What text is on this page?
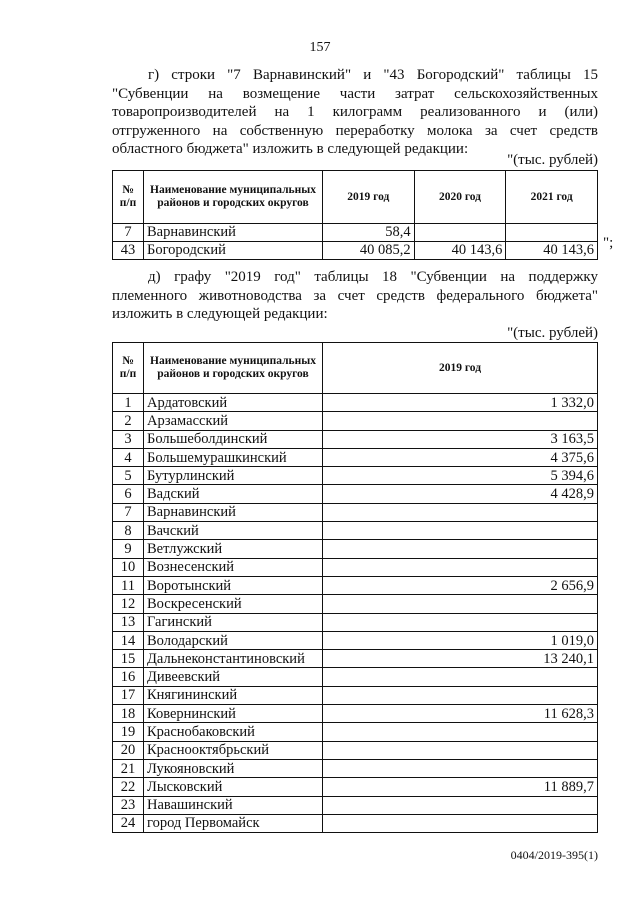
157
г) строки "7 Варнавинский" и "43 Богородский" таблицы 15 "Субвенции на возмещение части затрат сельскохозяйственных товаропроизводителей на 1 килограмм реализованного и (или) отгруженного на собственную переработку молока за счет средств областного бюджета" изложить в следующей редакции:
"(тыс. рублей)
№ п/п	Наименование муниципальных районов и городских округов	2019 год	2020 год	2021 год
7	Варнавинский	58,4		
43	Богородский	40 085,2	40 143,6	40 143,6 ";
д) графу "2019 год" таблицы 18 "Субвенции на поддержку племенного животноводства за счет средств федерального бюджета" изложить в следующей редакции:
"(тыс. рублей)
№ п/п	Наименование муниципальных районов и городских округов	2019 год
1	Ардатовский	1 332,0
2	Арзамасский	
3	Большеболдинский	3 163,5
4	Большемурашкинский	4 375,6
5	Бутурлинский	5 394,6
6	Вадский	4 428,9
7	Варнавинский	
8	Вачский	
9	Ветлужский	
10	Вознесенский	
11	Воротынский	2 656,9
12	Воскресенский	
13	Гагинский	
14	Володарский	1 019,0
15	Дальнеконстантиновский	13 240,1
16	Дивеевский	
17	Княгининский	
18	Ковернинский	11 628,3
19	Краснобаковский	
20	Краснооктябрьский	
21	Лукояновский	
22	Лысковский	11 889,7
23	Навашинский	
24	город Первомайск	
0404/2019-395(1)
